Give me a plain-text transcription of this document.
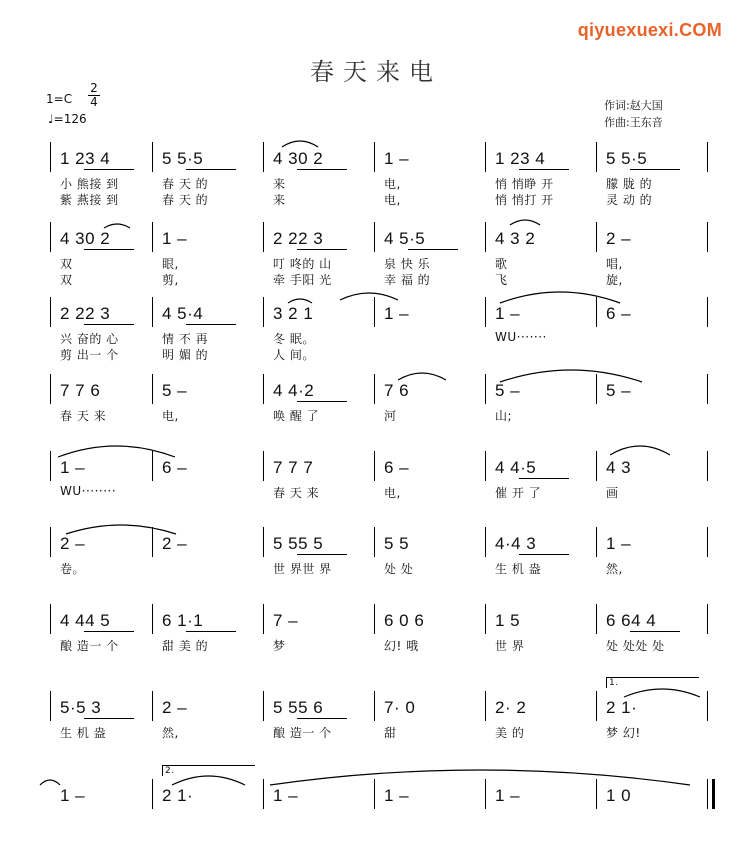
qiyuexuexi.COM
春天来电
$1=C \frac{2}{4}$
♩=126
作词:赵大国
作曲:王东音
1 23 4	5 5·5	4 30 2	1 –	1 23 4	5 5·5
小 熊接 到	春 天 的	来	电,	悄 悄睁 开	朦 胧 的
紫 燕接 到	春 天 的	来	电,	悄 悄打 开	灵 动 的
4 30 2	1 –	2 22 3	4 5·5	4 3 2	2 –
双	眼,	叮 咚的 山	泉 快 乐	歌	唱,
双	剪,	牵 手阳 光	幸 福 的	飞	旋,
2 22 3	4 5·4	3 2 1	1 –	1 –	6 –
兴 奋的 心	情 不 再	冬 眠。	WU·······
剪 出一 个	明 媚 的	人 间。
7 7 6	5 –	4 4·2	7 6	5 –	5 –
春 天 来	电,	唤 醒 了	河	山;
1 –	6 –	7 7 7	6 –	4 4·5	4 3
WU········	春 天 来	电,	催 开 了	画
2 –	2 –	5 55 5	5 5	4·4 3	1 –
卷。	世 界世 界	处 处	生 机 盎	然,
4 44 5	6 1·1	7 –	6 0 6	1 5	6 64 4
酿 造一 个	甜 美 的	梦	幻! 哦	世 界	处 处处 处
5·5 3	2 –	5 55 6	7· 0	2· 2	2 1·
生 机 盎	然,	酿 造一 个	甜	美 的	梦 幻!
1.
1 –	2 1·	1 –	1 –	1 –	1 0
2.
